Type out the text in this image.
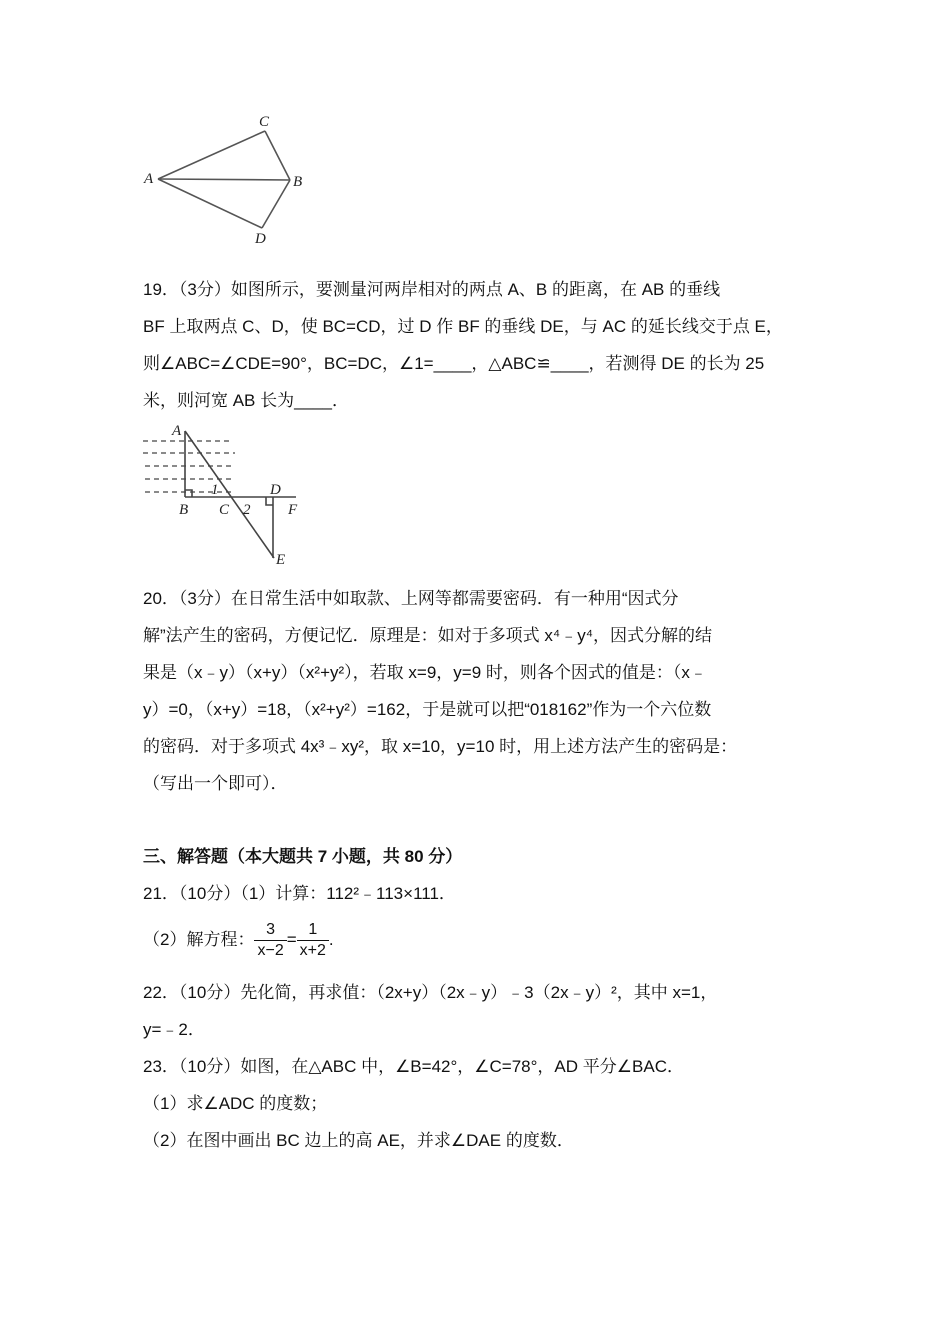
C
A	B
D
A
B C
D
F
E
1
2
19．（3分）如图所示，要测量河两岸相对的两点 A、B 的距离，在 AB 的垂线
BF 上取两点 C、D，使 BC=CD，过 D 作 BF 的垂线 DE，与 AC 的延长线交于点 E，
则∠ABC=∠CDE=90°，BC=DC，∠1=____，△ABC≌____，若测得 DE 的长为 25
米，则河宽 AB 长为____．
20．（3分）在日常生活中如取款、上网等都需要密码．有一种用“因式分
解”法产生的密码，方便记忆．原理是：如对于多项式 x⁴﹣y⁴，因式分解的结
果是（x﹣y）（x+y）（x²+y²），若取 x=9，y=9 时，则各个因式的值是：（x﹣
y）=0，（x+y）=18，（x²+y²）=162，于是就可以把“018162”作为一个六位数
的密码．对于多项式 4x³﹣xy²，取 x=10，y=10 时，用上述方法产生的密码是：
（写出一个即可）．
三、解答题（本大题共 7 小题，共 80 分）
21．（10分）（1）计算：112²﹣113×111．
（2）解方程： $\frac{3}{x-2} = \frac{1}{x+2}$ .
22．（10分）先化简，再求值：（2x+y）（2x﹣y）﹣3（2x﹣y）²，其中 x=1，
y=﹣2．
23．（10分）如图，在△ABC 中，∠B=42°，∠C=78°，AD 平分∠BAC．
（1）求∠ADC 的度数；
（2）在图中画出 BC 边上的高 AE，并求∠DAE 的度数．
